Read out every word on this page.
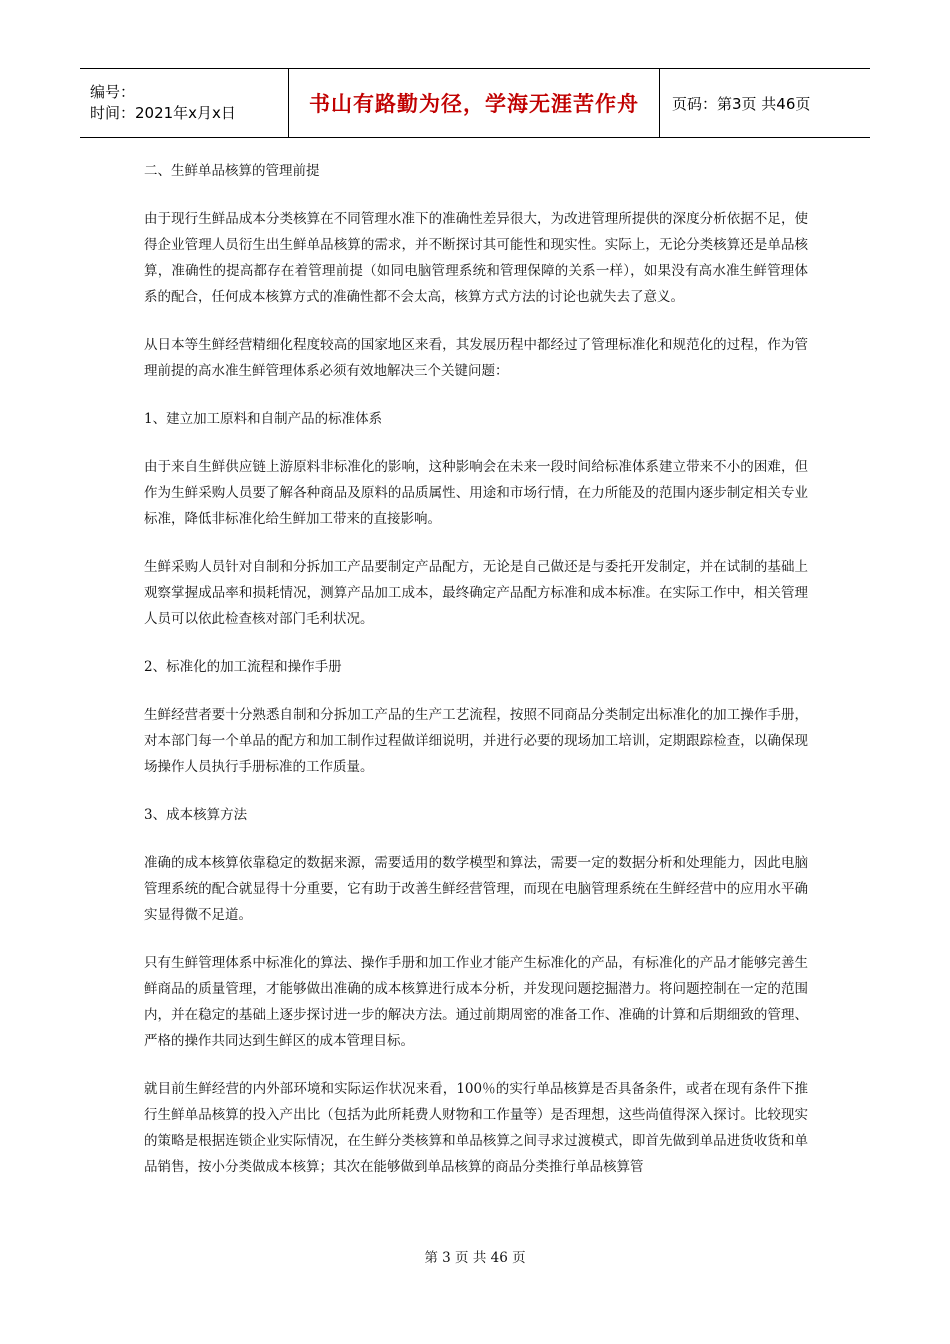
编号：
时间：2021年x月x日	书山有路勤为径，学海无涯苦作舟 页码：第3页 共46页

二、生鲜单品核算的管理前提

由于现行生鲜品成本分类核算在不同管理水准下的准确性差异很大，为改进管理所提供的深度分析依据不足，使得企业管理人员衍生出生鲜单品核算的需求，并不断探讨其可能性和现实性。实际上，无论分类核算还是单品核算，准确性的提高都存在着管理前提（如同电脑管理系统和管理保障的关系一样），如果没有高水准生鲜管理体系的配合，任何成本核算方式的准确性都不会太高，核算方式方法的讨论也就失去了意义。

从日本等生鲜经营精细化程度较高的国家地区来看，其发展历程中都经过了管理标准化和规范化的过程，作为管理前提的高水准生鲜管理体系必须有效地解决三个关键问题：

1、建立加工原料和自制产品的标准体系

由于来自生鲜供应链上游原料非标准化的影响，这种影响会在未来一段时间给标准体系建立带来不小的困难，但作为生鲜采购人员要了解各种商品及原料的品质属性、用途和市场行情，在力所能及的范围内逐步制定相关专业标准，降低非标准化给生鲜加工带来的直接影响。

生鲜采购人员针对自制和分拆加工产品要制定产品配方，无论是自己做还是与委托开发制定，并在试制的基础上观察掌握成品率和损耗情况，测算产品加工成本，最终确定产品配方标准和成本标准。在实际工作中，相关管理人员可以依此检查核对部门毛利状况。

2、标准化的加工流程和操作手册

生鲜经营者要十分熟悉自制和分拆加工产品的生产工艺流程，按照不同商品分类制定出标准化的加工操作手册，对本部门每一个单品的配方和加工制作过程做详细说明，并进行必要的现场加工培训，定期跟踪检查，以确保现场操作人员执行手册标准的工作质量。

3、成本核算方法

准确的成本核算依靠稳定的数据来源，需要适用的数学模型和算法，需要一定的数据分析和处理能力，因此电脑管理系统的配合就显得十分重要，它有助于改善生鲜经营管理，而现在电脑管理系统在生鲜经营中的应用水平确实显得微不足道。

只有生鲜管理体系中标准化的算法、操作手册和加工作业才能产生标准化的产品，有标准化的产品才能够完善生鲜商品的质量管理，才能够做出准确的成本核算进行成本分析，并发现问题挖掘潜力。将问题控制在一定的范围内，并在稳定的基础上逐步探讨进一步的解决方法。通过前期周密的准备工作、准确的计算和后期细致的管理、严格的操作共同达到生鲜区的成本管理目标。

就目前生鲜经营的内外部环境和实际运作状况来看，100％的实行单品核算是否具备条件，或者在现有条件下推行生鲜单品核算的投入产出比（包括为此所耗费人财物和工作量等）是否理想，这些尚值得深入探讨。比较现实的策略是根据连锁企业实际情况，在生鲜分类核算和单品核算之间寻求过渡模式，即首先做到单品进货收货和单品销售，按小分类做成本核算；其次在能够做到单品核算的商品分类推行单品核算管

第 3 页 共 46 页
